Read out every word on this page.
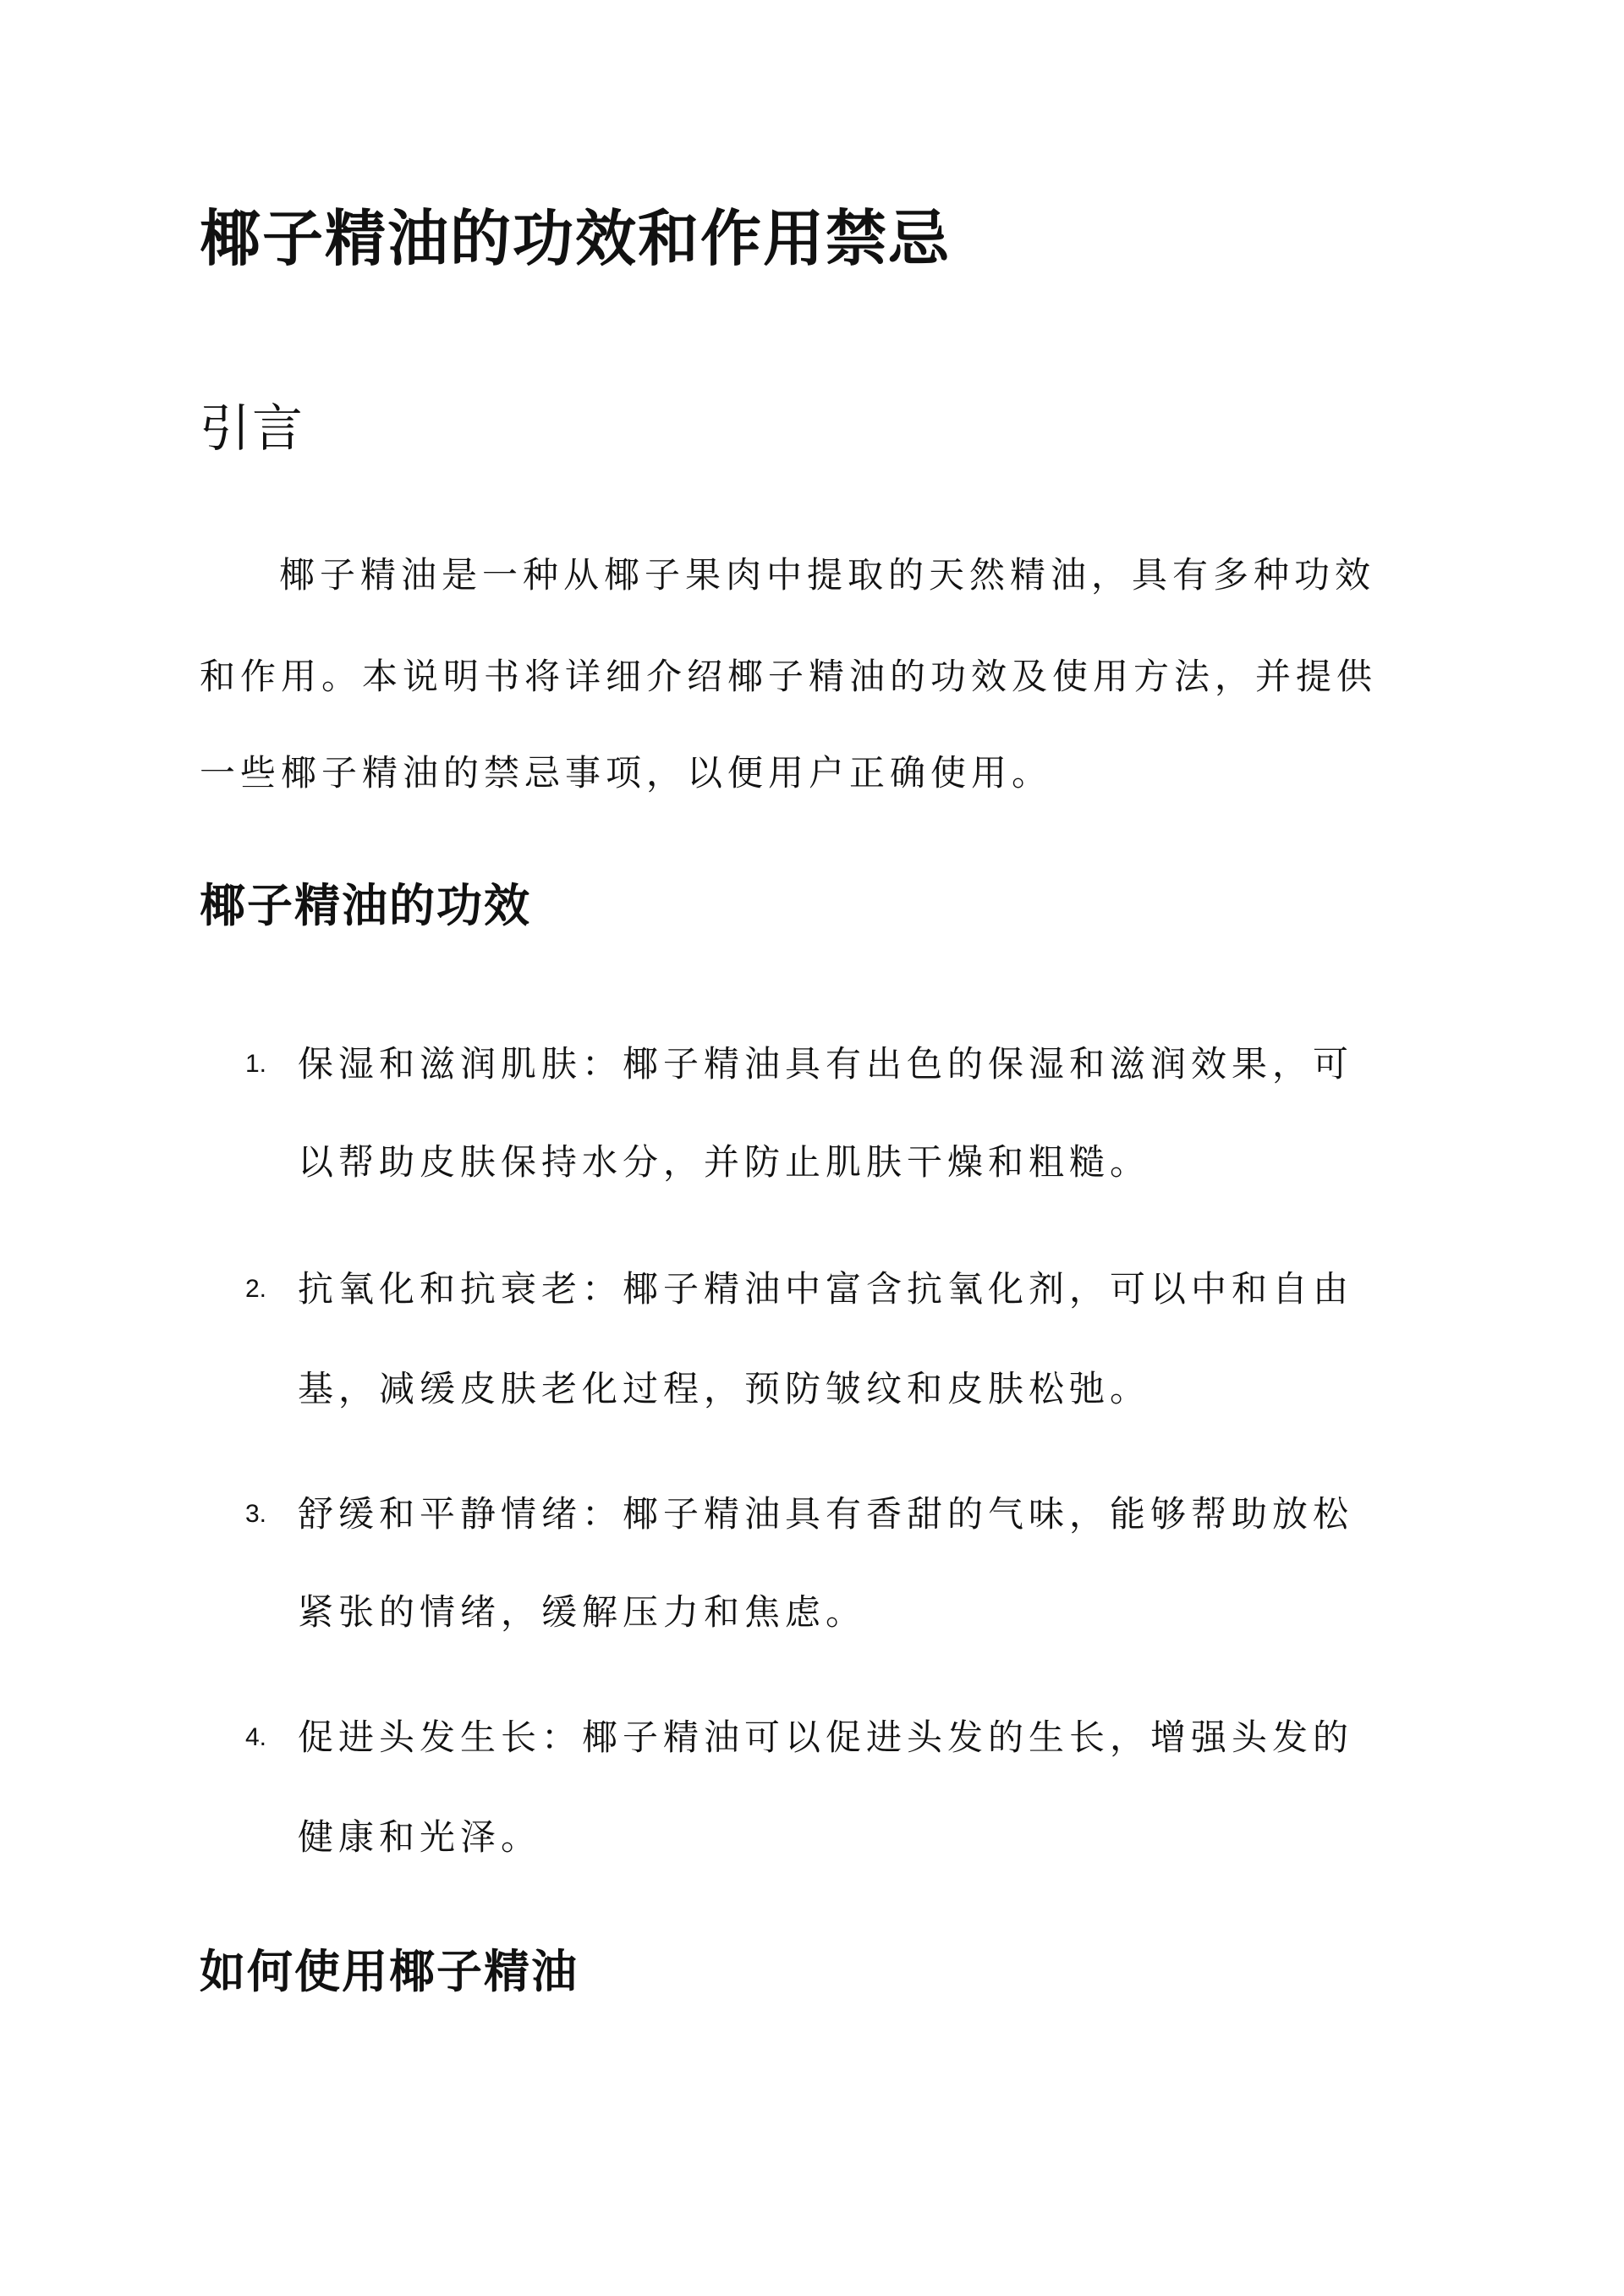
椰子精油的功效和作用禁忌
引言

椰子精油是一种从椰子果肉中提取的天然精油，具有多种功效

和作用。本说明书将详细介绍椰子精油的功效及使用方法，并提供

一些椰子精油的禁忌事项，以便用户正确使用。

椰子精油的功效
1. 保湿和滋润肌肤：椰子精油具有出色的保湿和滋润效果，可
以帮助皮肤保持水分，并防止肌肤干燥和粗糙。
2. 抗氧化和抗衰老：椰子精油中富含抗氧化剂，可以中和自由
基，减缓皮肤老化过程，预防皱纹和皮肤松弛。
3. 舒缓和平静情绪：椰子精油具有香甜的气味，能够帮助放松
紧张的情绪，缓解压力和焦虑。
4. 促进头发生长：椰子精油可以促进头发的生长，增强头发的
健康和光泽。
如何使用椰子精油
